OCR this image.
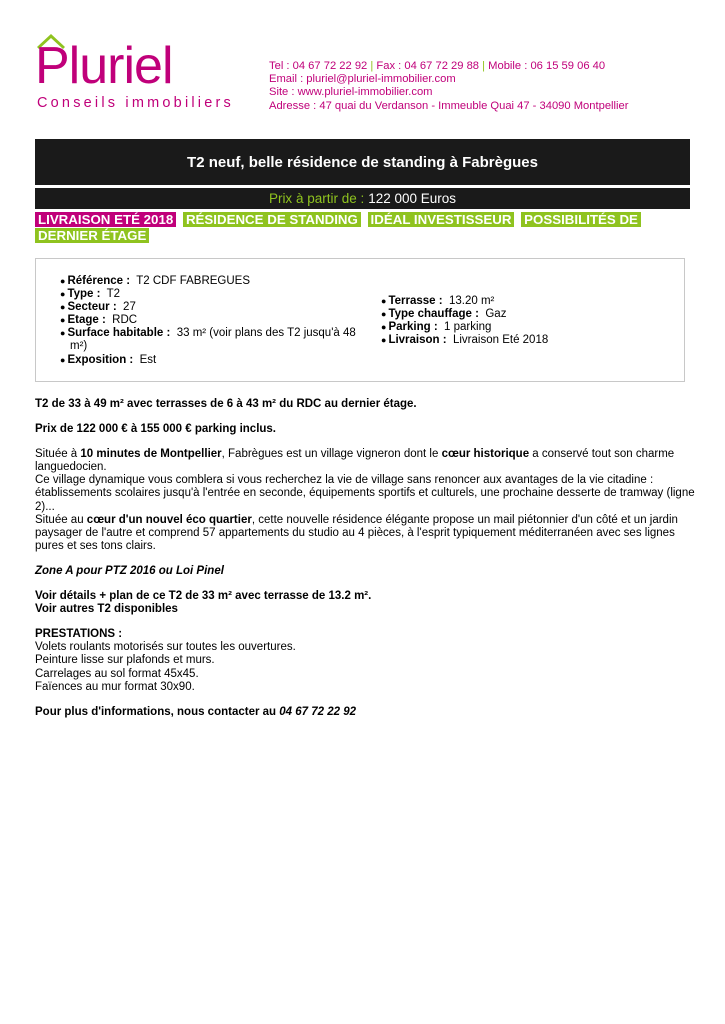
Pluriel
Conseils immobiliers
Tel : 04 67 72 22 92 | Fax : 04 67 72 29 88 | Mobile : 06 15 59 06 40
Email : pluriel@pluriel-immobilier.com
Site : www.pluriel-immobilier.com
Adresse : 47 quai du Verdanson - Immeuble Quai 47 - 34090 Montpellier
T2 neuf, belle résidence de standing à Fabrègues
Prix à partir de : 122 000 Euros
LIVRAISON ETÉ 2018 RÉSIDENCE DE STANDING IDÉAL INVESTISSEUR POSSIBILITÉS DE DERNIER ÉTAGE
● Référence : T2 CDF FABREGUES
● Type : T2
● Secteur : 27
● Etage : RDC
● Surface habitable : 33 m² (voir plans des T2 jusqu'à 48 m²)
● Exposition : Est
● Terrasse : 13.20 m²
● Type chauffage : Gaz
● Parking : 1 parking
● Livraison : Livraison Eté 2018

T2 de 33 à 49 m² avec terrasses de 6 à 43 m² du RDC au dernier étage.

Prix de 122 000 € à 155 000 € parking inclus.

Située à 10 minutes de Montpellier, Fabrègues est un village vigneron dont le cœur historique a conservé tout son charme languedocien.
Ce village dynamique vous comblera si vous recherchez la vie de village sans renoncer aux avantages de la vie citadine : établissements scolaires jusqu'à l'entrée en seconde, équipements sportifs et culturels, une prochaine desserte de tramway (ligne 2)...
Située au cœur d'un nouvel éco quartier, cette nouvelle résidence élégante propose un mail piétonnier d'un côté et un jardin paysager de l'autre et comprend 57 appartements du studio au 4 pièces, à l'esprit typiquement méditerranéen avec ses lignes pures et ses tons clairs.

Zone A pour PTZ 2016 ou Loi Pinel

Voir détails + plan de ce T2 de 33 m² avec terrasse de 13.2 m².
Voir autres T2 disponibles

PRESTATIONS :
Volets roulants motorisés sur toutes les ouvertures.
Peinture lisse sur plafonds et murs.
Carrelages au sol format 45x45.
Faïences au mur format 30x90.

Pour plus d'informations, nous contacter au 04 67 72 22 92
